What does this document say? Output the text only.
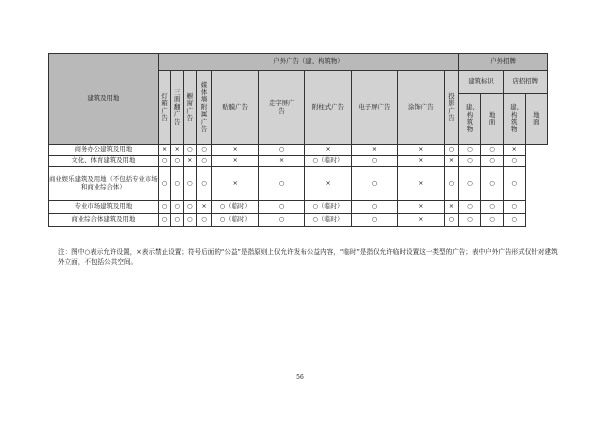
建筑及用地	户外广告（建、构筑物）										户外招牌			
	灯箱广告	三面翻广告	橱窗广告	媒体墙附属广告	贴膜广告	走字屏广告	附柱式广告	电子屏广告	涂饰广告	投影广告	建筑标识		店招招牌	
											建、构筑物	地面	建、构筑物	地面
商务办公建筑及用地	×	×	○	○	×	○	×	×	×	○	○	○	×	
文化、体育建筑及用地	○	○	×	○	×	×	○（临时）	○	×	×	○	○	○	
商业娱乐建筑及用地（不包括专业市场和商业综合体）	○	○	○	○	×	○	×	○	×	○	○	○	○	
专业市场建筑及用地	○	○	○	×	○（临时）	○	○（临时）	○	×	×	○	○	○	
商业综合体建筑及用地	○	○	○	○	○（临时）	○	○（临时）	○	×	○	○	○	○	
注：图中○表示允许设置，×表示禁止设置；符号后面的“公益”是指原则上仅允许发布公益内容，“临时”是指仅允许临时设置这一类型的广告；表中户外广告形式仅针对建筑外立面，不包括公共空间。
56
